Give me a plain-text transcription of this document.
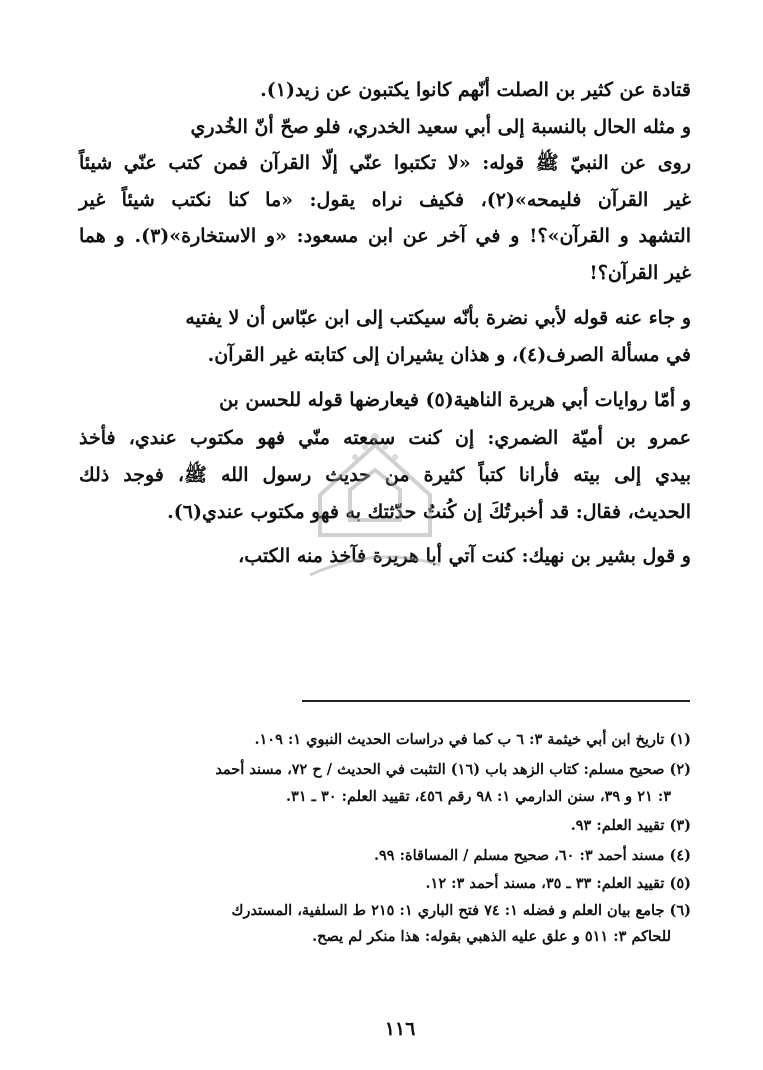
قتادة عن كثير بن الصلت أنّهم كانوا يكتبون عن زيد(١).
و مثله الحال بالنسبة إلى أبي سعيد الخدري، فلو صحّ أنّ الخُدري
روى عن النبيّ ﷺ قوله: «لا تكتبوا عنّي إلّا القرآن فمن كتب عنّي شيئاً
غير القرآن فليمحه»(٢)، فكيف نراه يقول: «ما كنا نكتب شيئاً غير
التشهد و القرآن»؟! و في آخر عن ابن مسعود: «و الاستخارة»(٣). و هما
غير القرآن؟!
و جاء عنه قوله لأبي نضرة بأنّه سيكتب إلى ابن عبّاس أن لا يفتيه
في مسألة الصرف(٤)، و هذان يشيران إلى كتابته غير القرآن.
و أمّا روايات أبي هريرة الناهية(٥) فيعارضها قوله للحسن بن
عمرو بن أميّة الضمري: إن كنت سمعته منّي فهو مكتوب عندي، فأخذ
بيدي إلى بيته فأرانا كتباً كثيرة من حديث رسول الله ﷺ، فوجد ذلك
الحديث، فقال: قد أخبرتُكَ إن كُنتُ حدّثتك به فهو مكتوب عندي(٦).
و قول بشير بن نهيك: كنت آتي أبا هريرة فآخذ منه الكتب،
(١) تاريخ ابن أبي خيثمة ٣: ٦ ب كما في دراسات الحديث النبوي ١: ١٠٩.
(٢) صحيح مسلم: كتاب الزهد باب (١٦) التثبت في الحديث / ح ٧٢، مسند أحمد
٣: ٢١ و ٣٩، سنن الدارمي ١: ٩٨ رقم ٤٥٦، تقييد العلم: ٣٠ ـ ٣١.
(٣) تقييد العلم: ٩٣.
(٤) مسند أحمد ٣: ٦٠، صحيح مسلم / المساقاة: ٩٩.
(٥) تقييد العلم: ٣٣ ـ ٣٥، مسند أحمد ٣: ١٢.
(٦) جامع بيان العلم و فضله ١: ٧٤ فتح الباري ١: ٢١٥ ط السلفية، المستدرك
للحاكم ٣: ٥١١ و علق عليه الذهبي بقوله: هذا منكر لم يصح.
١١٦
